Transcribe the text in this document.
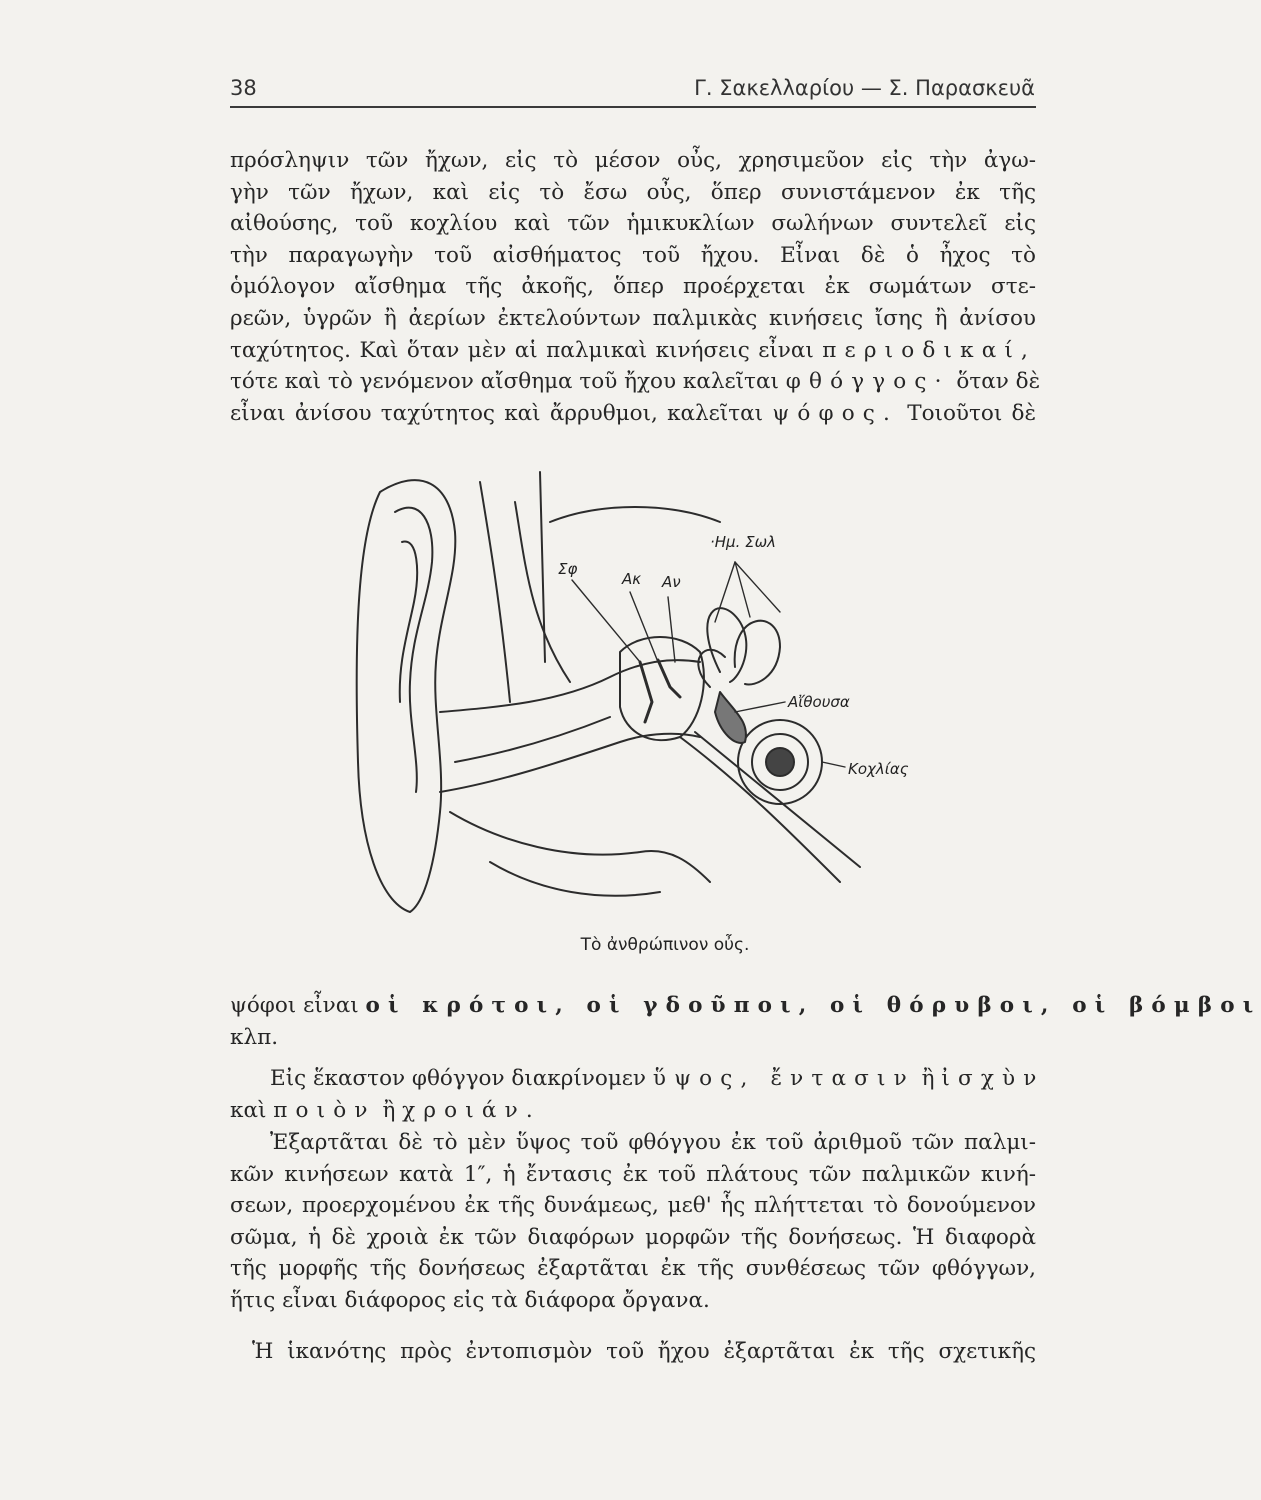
38	Γ. Σακελλαρίου — Σ. Παρασκευᾶ
πρόσληψιν τῶν ἤχων, εἰς τὸ μέσον οὖς, χρησιμεῦον εἰς τὴν ἀγω-
γὴν τῶν ἤχων, καὶ εἰς τὸ ἔσω οὖς, ὅπερ συνιστάμενον ἐκ τῆς
αἰθούσης, τοῦ κοχλίου καὶ τῶν ἡμικυκλίων σωλήνων συντελεῖ εἰς
τὴν παραγωγὴν τοῦ αἰσθήματος τοῦ ἤχου. Εἶναι δὲ ὁ ἦχος τὸ
ὁμόλογον αἴσθημα τῆς ἀκοῆς, ὅπερ προέρχεται ἐκ σωμάτων στε-
ρεῶν, ὑγρῶν ἢ ἀερίων ἐκτελούντων παλμικὰς κινήσεις ἴσης ἢ ἀνίσου
ταχύτητος. Καὶ ὅταν μὲν αἱ παλμικαὶ κινήσεις εἶναι περιοδικαί,
τότε καὶ τὸ γενόμενον αἴσθημα τοῦ ἤχου καλεῖται φθόγγος· ὅταν δὲ
εἶναι ἀνίσου ταχύτητος καὶ ἄρρυθμοι, καλεῖται ψόφος. Τοιοῦτοι δὲ
·Ημ. Σωλ
Σφ
Ακ Αν
Αἴθουσα
Κοχλίας
Τὸ ἀνθρώπινον οὖς.
ψόφοι εἶναι οἱ κρότοι, οἱ γδοῦποι, οἱ θόρυβοι, οἱ βόμβοι
κλπ.
Εἰς ἕκαστον φθόγγον διακρίνομεν ὕψος, ἔντασιν ἢ ἰσχὺν
καὶ ποιὸν ἢ χροιάν.
Ἐξαρτᾶται δὲ τὸ μὲν ὕψος τοῦ φθόγγου ἐκ τοῦ ἀριθμοῦ τῶν παλμι-
κῶν κινήσεων κατὰ 1″, ἡ ἔντασις ἐκ τοῦ πλάτους τῶν παλμικῶν κινή-
σεων, προερχομένου ἐκ τῆς δυνάμεως, μεθ' ἧς πλήττεται τὸ δονούμενον
σῶμα, ἡ δὲ χροιὰ ἐκ τῶν διαφόρων μορφῶν τῆς δονήσεως. Ἡ διαφορὰ
τῆς μορφῆς τῆς δονήσεως ἐξαρτᾶται ἐκ τῆς συνθέσεως τῶν φθόγγων,
ἥτις εἶναι διάφορος εἰς τὰ διάφορα ὄργανα.
Ἡ ἱκανότης πρὸς ἐντοπισμὸν τοῦ ἤχου ἐξαρτᾶται ἐκ τῆς σχετικῆς
